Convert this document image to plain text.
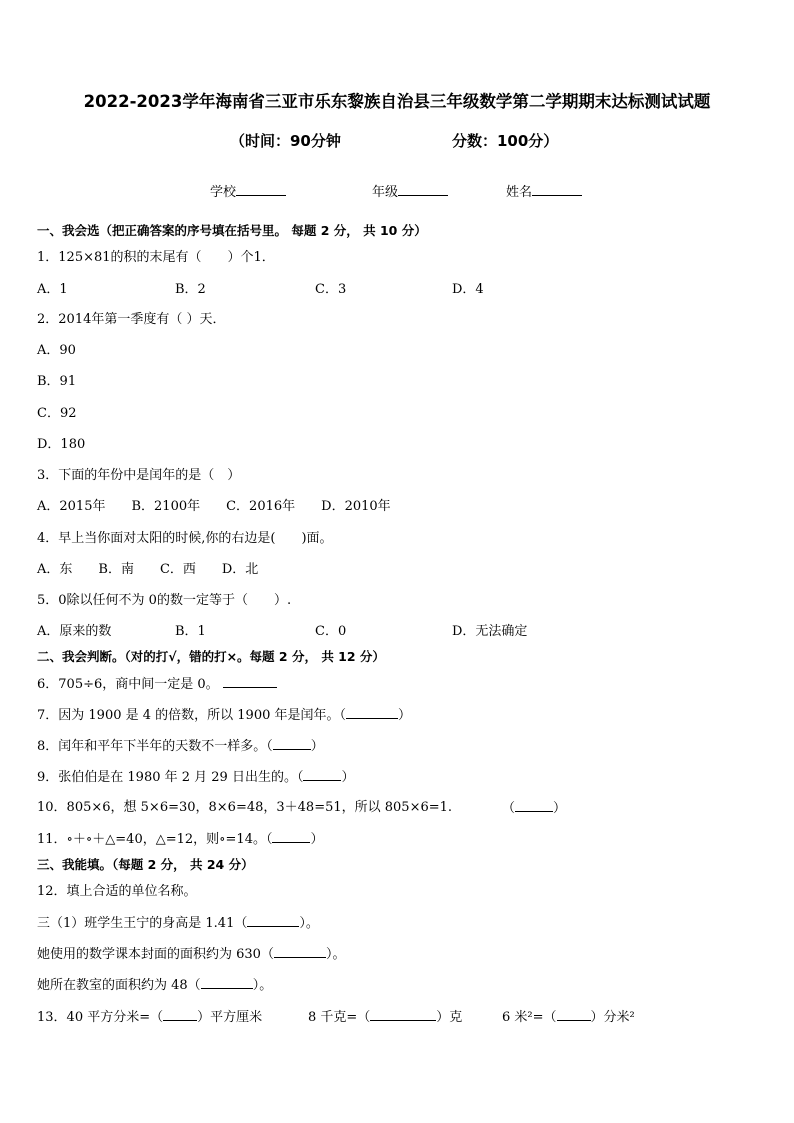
2022-2023学年海南省三亚市乐东黎族自治县三年级数学第二学期期末达标测试试题
（时间：90分钟	分数：100分）
学校	年级	姓名
一、我会选（把正确答案的序号填在括号里。 每题 2 分， 共 10 分）
1．125×81的积的末尾有（　　）个1．
A．1	B．2	C．3	D．4
2．2014年第一季度有（ ）天．
A．90
B．91
C．92
D．180
3．下面的年份中是闰年的是（　）
A．2015年　　B．2100年　　C．2016年　　D．2010年
4．早上当你面对太阳的时候,你的右边是(　　)面。
A．东　　B．南　　C．西　　D．北
5．0除以任何不为 0的数一定等于（　　）.
A．原来的数	B．1	C．0	D．无法确定
二、我会判断。（对的打√，错的打×。每题 2 分， 共 12 分）
6．705÷6，商中间一定是 0。
7．因为 1900 是 4 的倍数，所以 1900 年是闰年。（	）
8．闰年和平年下半年的天数不一样多。（	）
9．张伯伯是在 1980 年 2 月 29 日出生的。（	）
10．805×6，想 5×6=30，8×6=48，3＋48=51，所以 805×6=1.	（	）
11．∘＋∘＋△=40，△=12，则∘=14。（	）
三、我能填。（每题 2 分， 共 24 分）
12．填上合适的单位名称。
三（1）班学生王宁的身高是 1.41（	）。
她使用的数学课本封面的面积约为 630（	）。
她所在教室的面积约为 48（	）。
13．40 平方分米=（	）平方厘米	8 千克=（	）克	6 米²=（	）分米²
